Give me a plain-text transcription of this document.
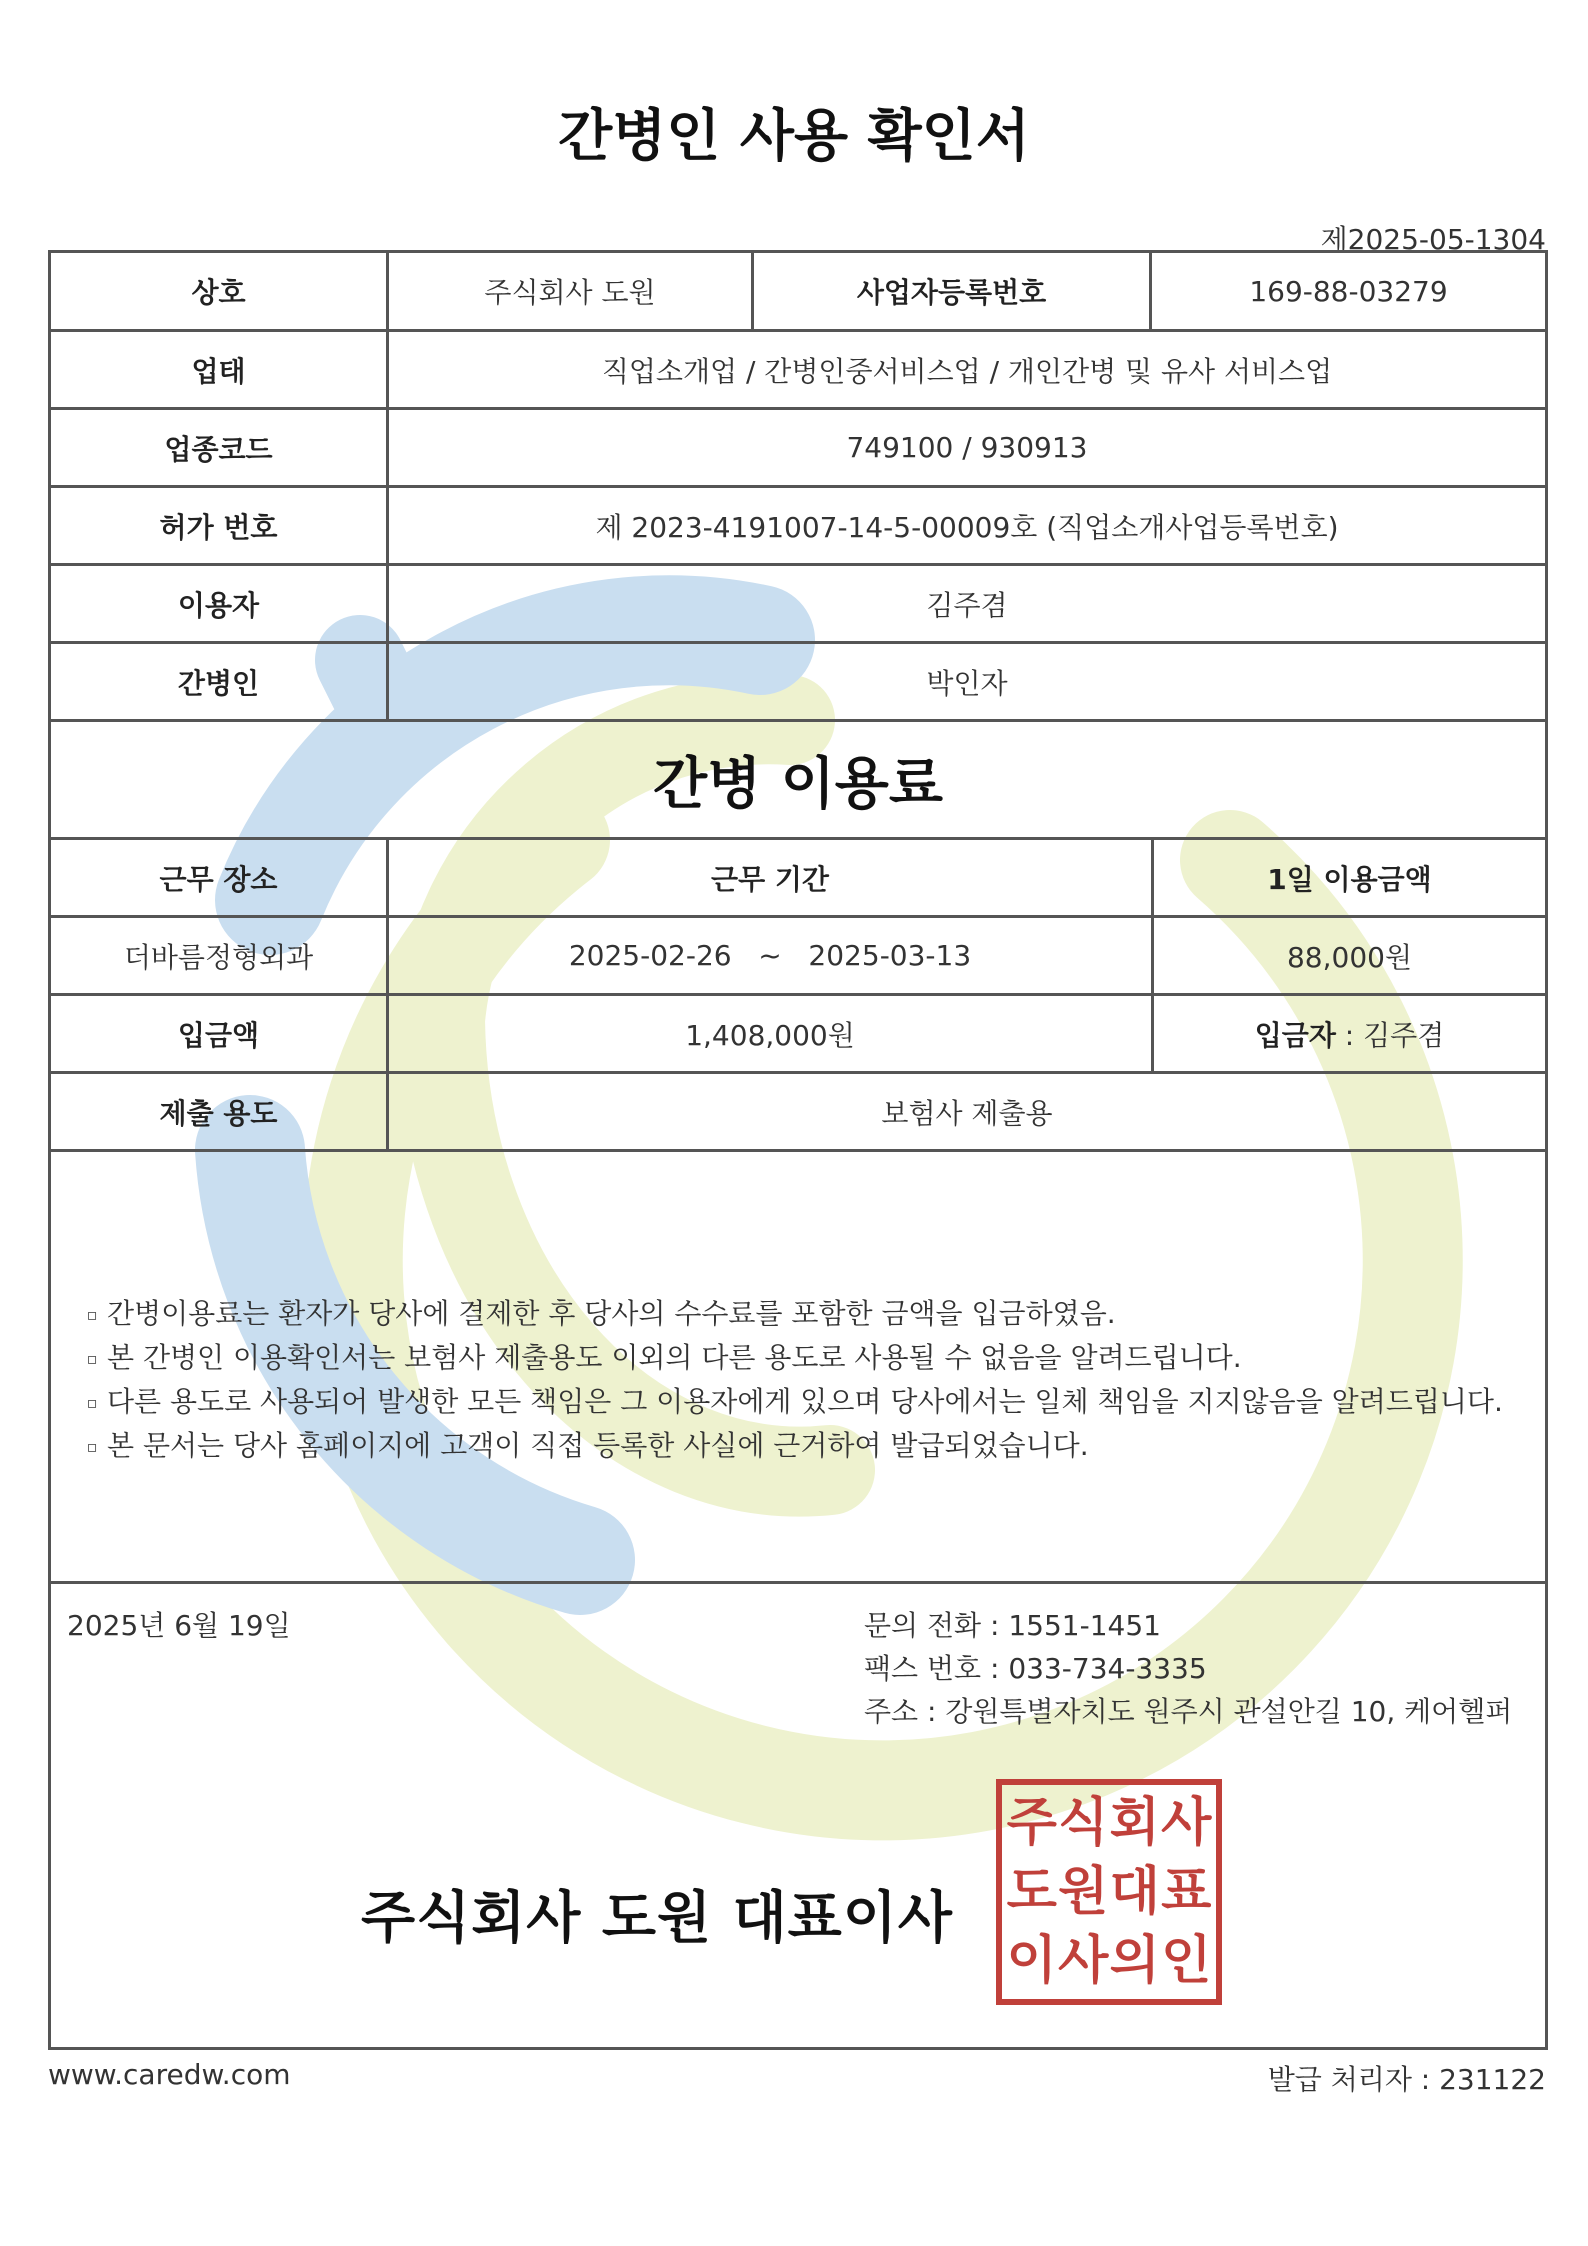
간병인 사용 확인서
제2025-05-1304
상호	주식회사 도원	사업자등록번호	169-88-03279
업태	직업소개업 / 간병인중서비스업 / 개인간병 및 유사 서비스업
업종코드	749100 / 930913
허가 번호	제 2023-4191007-14-5-00009호 (직업소개사업등록번호)
이용자	김주겸
간병인	박인자
간병 이용료
근무 장소	근무 기간	1일 이용금액
더바름정형외과	2025-02-26   ~   2025-03-13	88,000원
입금액	1,408,000원	입금자 : 김주겸
제출 용도	보험사 제출용
▫ 간병이용료는 환자가 당사에 결제한 후 당사의 수수료를 포함한 금액을 입금하였음.
▫ 본 간병인 이용확인서는 보험사 제출용도 이외의 다른 용도로 사용될 수 없음을 알려드립니다.
▫ 다른 용도로 사용되어 발생한 모든 책임은 그 이용자에게 있으며 당사에서는 일체 책임을 지지않음을 알려드립니다.
▫ 본 문서는 당사 홈페이지에 고객이 직접 등록한 사실에 근거하여 발급되었습니다.
2025년 6월 19일	문의 전화 : 1551-1451
팩스 번호 : 033-734-3335
주소 : 강원특별자치도 원주시 관설안길 10, 케어헬퍼
주식회사 도원 대표이사
주 식 회 사
도 원 대 표
이 사 의 인
www.caredw.com	발급 처리자 : 231122
